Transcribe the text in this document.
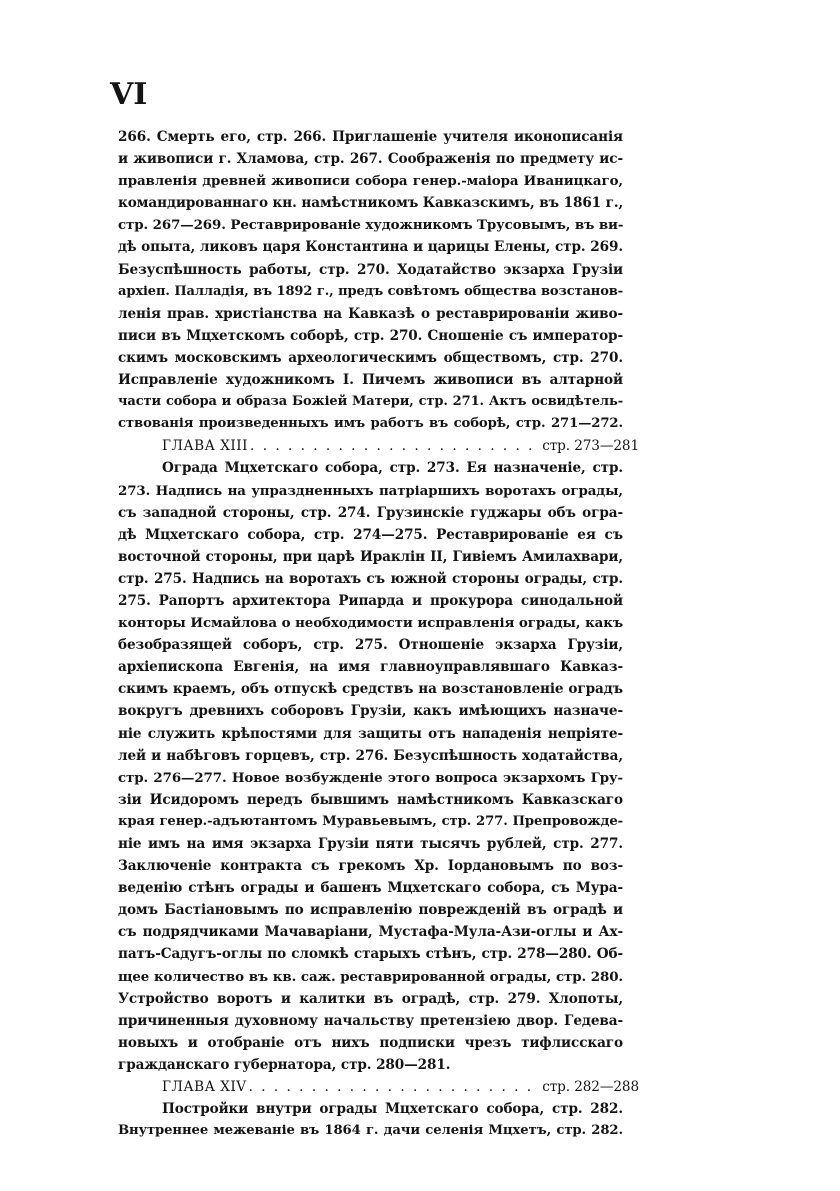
VI
266. Смерть его, стр. 266. Приглашеніе учителя иконописанія
и живописи г. Хламова, стр. 267. Соображенія по предмету ис-
правленія древней живописи собора генер.-маіора Иваницкаго,
командированнаго кн. намѣстникомъ Кавказскимъ, въ 1861 г.,
стр. 267—269. Реставрированіе художникомъ Трусовымъ, въ ви-
дѣ опыта, ликовъ царя Константина и царицы Елены, стр. 269.
Безуспѣшность работы, стр. 270. Ходатайство экзарха Грузіи
архіеп. Палладія, въ 1892 г., предъ совѣтомъ общества возстанов-
ленія прав. христіанства на Кавказѣ о реставрированіи живо-
писи въ Мцхетскомъ соборѣ, стр. 270. Сношеніе съ император-
скимъ московскимъ археологическимъ обществомъ, стр. 270.
Исправленіе художникомъ І. Пичемъ живописи въ алтарной
части собора и образа Божіей Матери, стр. 271. Актъ освидѣтель-
ствованія произведенныхъ имъ работъ въ соборѣ, стр. 271—272.
ГЛАВА XIII . . .	стр. 273—281
Ограда Мцхетскаго собора, стр. 273. Ея назначеніе, стр.
273. Надпись на упраздненныхъ патріаршихъ воротахъ ограды,
съ западной стороны, стр. 274. Грузинскіе гуджары объ огра-
дѣ Мцхетскаго собора, стр. 274—275. Реставрированіе ея съ
восточной стороны, при царѣ Ираклін II, Гивіемъ Амилахвари,
стр. 275. Надпись на воротахъ съ южной стороны ограды, стр.
275. Рапортъ архитектора Рипарда и прокурора синодальной
конторы Исмайлова о необходимости исправленія ограды, какъ
безобразящей соборъ, стр. 275. Отношеніе экзарха Грузіи,
архіепископа Евгенія, на имя главноуправлявшаго Кавказ-
скимъ краемъ, объ отпускѣ средствъ на возстановленіе оградъ
вокругъ древнихъ соборовъ Грузіи, какъ имѣющихъ назначе-
ніе служить крѣпостями для защиты отъ нападенія непріяте-
лей и набѣговъ горцевъ, стр. 276. Безуспѣшность ходатайства,
стр. 276—277. Новое возбужденіе этого вопроса экзархомъ Гру-
зіи Исидоромъ передъ бывшимъ намѣстникомъ Кавказскаго
края генер.-адъютантомъ Муравьевымъ, стр. 277. Препровожде-
ніе имъ на имя экзарха Грузіи пяти тысячъ рублей, стр. 277.
Заключеніе контракта съ грекомъ Хр. Іордановымъ по воз-
веденію стѣнъ ограды и башенъ Мцхетскаго собора, съ Мура-
домъ Бастіановымъ по исправленію поврежденій въ оградѣ и
съ подрядчиками Мачаваріани, Мустафа-Мула-Ази-оглы и Ах-
патъ-Садугъ-оглы по сломкѣ старыхъ стѣнъ, стр. 278—280. Об-
щее количество въ кв. саж. реставрированной ограды, стр. 280.
Устройство воротъ и калитки въ оградѣ, стр. 279. Хлопоты,
причиненныя духовному начальству претензіею двор. Гедева-
новыхъ и отобраніе отъ нихъ подписки чрезъ тифлисскаго
гражданскаго губернатора, стр. 280—281.
ГЛАВА XIV . . .	стр. 282—288
Постройки внутри ограды Мцхетскаго собора, стр. 282.
Внутреннее межеваніе въ 1864 г. дачи селенія Мцхетъ, стр. 282.
